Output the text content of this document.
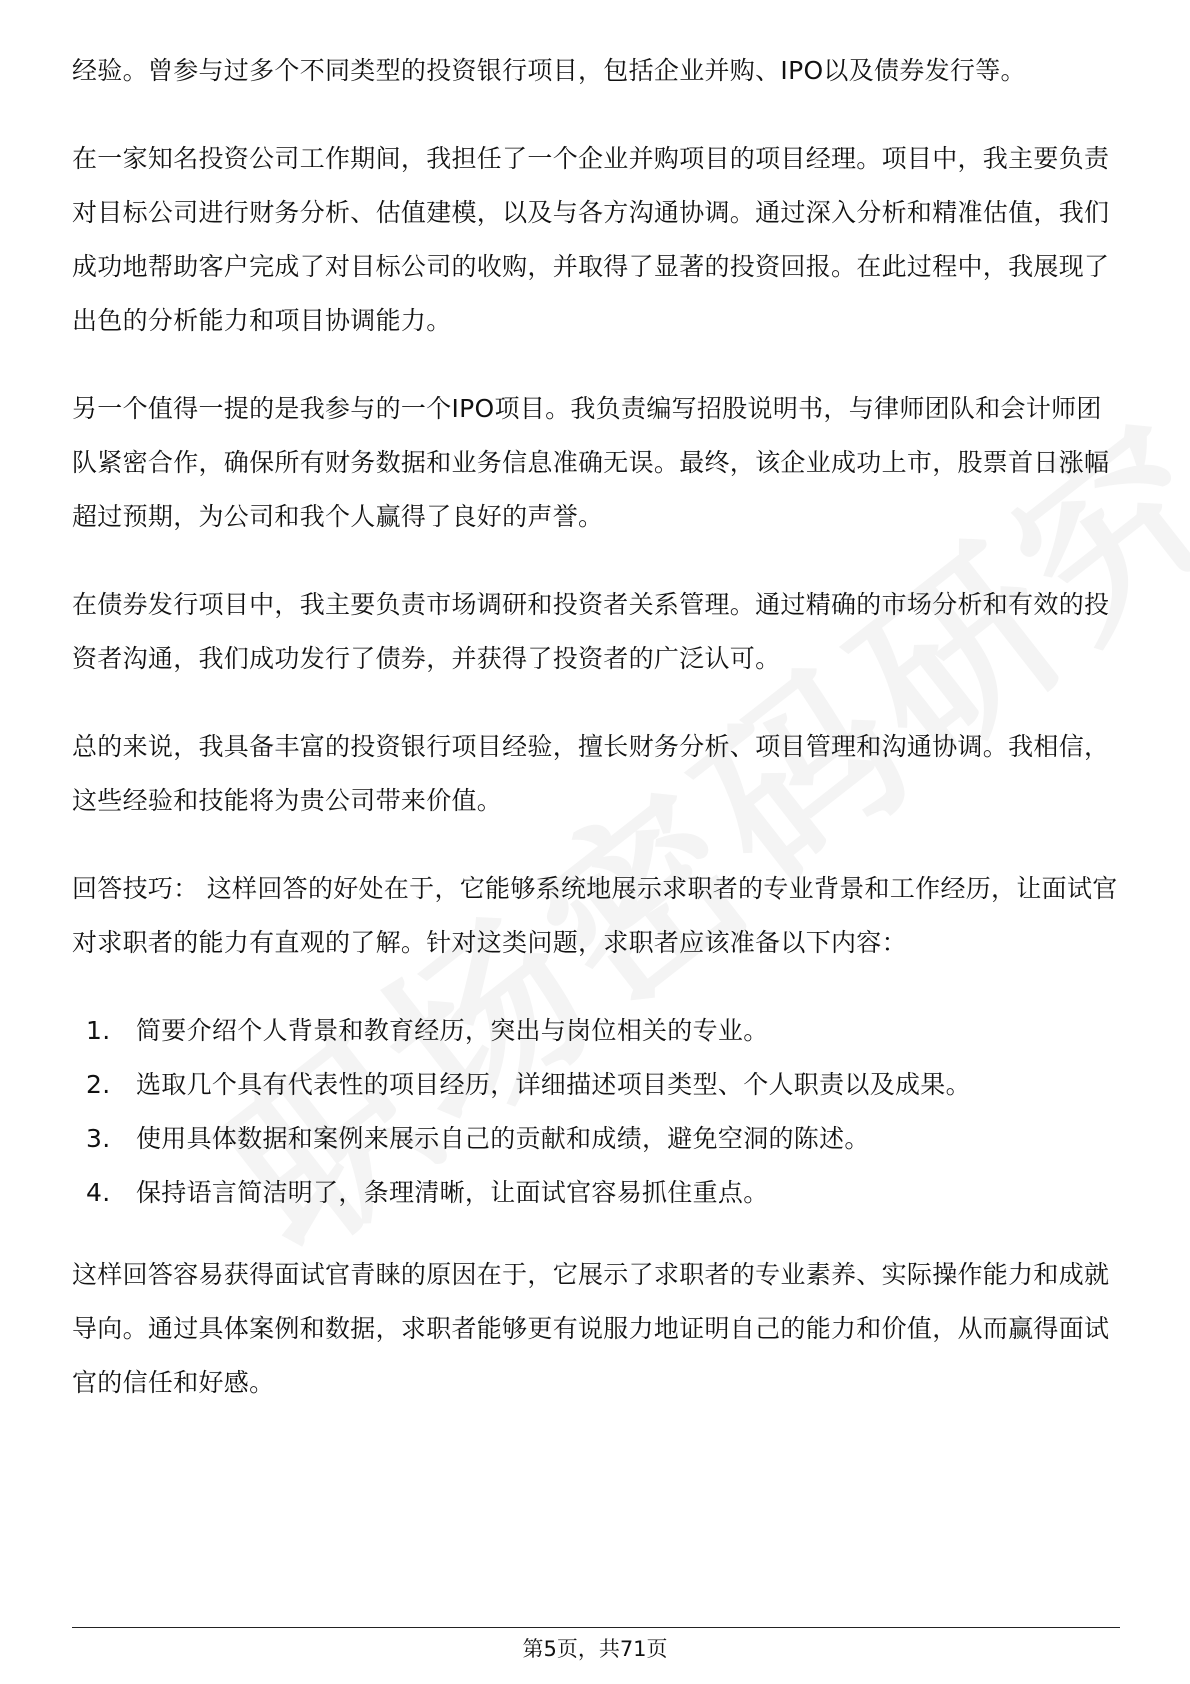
经验。曾参与过多个不同类型的投资银行项目，包括企业并购、IPO以及债券发行等。

在一家知名投资公司工作期间，我担任了一个企业并购项目的项目经理。项目中，我主要负责对目标公司进行财务分析、估值建模，以及与各方沟通协调。通过深入分析和精准估值，我们成功地帮助客户完成了对目标公司的收购，并取得了显著的投资回报。在此过程中，我展现了出色的分析能力和项目协调能力。

另一个值得一提的是我参与的一个IPO项目。我负责编写招股说明书，与律师团队和会计师团队紧密合作，确保所有财务数据和业务信息准确无误。最终，该企业成功上市，股票首日涨幅超过预期，为公司和我个人赢得了良好的声誉。

在债券发行项目中，我主要负责市场调研和投资者关系管理。通过精确的市场分析和有效的投资者沟通，我们成功发行了债券，并获得了投资者的广泛认可。

总的来说，我具备丰富的投资银行项目经验，擅长财务分析、项目管理和沟通协调。我相信，这些经验和技能将为贵公司带来价值。

回答技巧： 这样回答的好处在于，它能够系统地展示求职者的专业背景和工作经历，让面试官对求职者的能力有直观的了解。针对这类问题，求职者应该准备以下内容：

1.	简要介绍个人背景和教育经历，突出与岗位相关的专业。
2.	选取几个具有代表性的项目经历，详细描述项目类型、个人职责以及成果。
3.	使用具体数据和案例来展示自己的贡献和成绩，避免空洞的陈述。
4.	保持语言简洁明了，条理清晰，让面试官容易抓住重点。

这样回答容易获得面试官青睐的原因在于，它展示了求职者的专业素养、实际操作能力和成就导向。通过具体案例和数据，求职者能够更有说服力地证明自己的能力和价值，从而赢得面试官的信任和好感。

第5页，共71页
